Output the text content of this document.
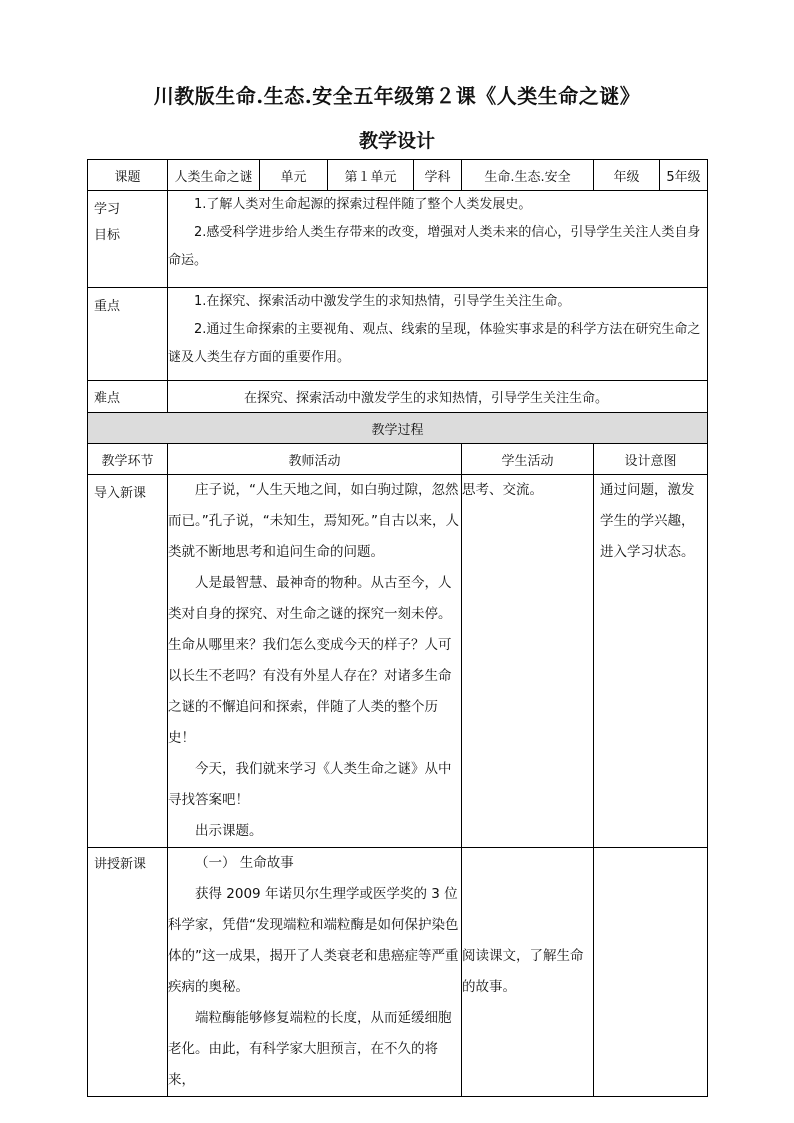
川教版生命.生态.安全五年级第２课《人类生命之谜》
教学设计
课题	人类生命之谜	单元	第１单元	学科	生命.生态.安全	年级	5年级

学习目标	1.了解人类对生命起源的探索过程伴随了整个人类发展史。

2.感受科学进步给人类生存带来的改变，增强对人类未来的信心，引导学生关注人类自身命运。						

重点	1.在探究、探索活动中激发学生的求知热情，引导学生关注生命。

2.通过生命探索的主要视角、观点、线索的呈现，体验实事求是的科学方法在研究生命之谜及人类生存方面的重要作用。						

难点	在探究、探索活动中激发学生的求知热情，引导学生关注生命。						
教学过程							
教学环节	教师活动				学生活动	设计意图	

导入新课	庄子说，“人生天地之间，如白驹过隙，忽然而已。”孔子说，“未知生，焉知死。”自古以来，人类就不断地思考和追问生命的问题。

人是最智慧、最神奇的物种。从古至今，人类对自身的探究、对生命之谜的探究一刻未停。生命从哪里来？我们怎么变成今天的样子？人可以长生不老吗？有没有外星人存在？对诸多生命之谜的不懈追问和探索，伴随了人类的整个历史！

今天，我们就来学习《人类生命之谜》从中寻找答案吧！

出示课题。				思考、交流。	通过问题，激发学生的学兴趣，进入学习状态。	

讲授新课	（一） 生命故事

获得 2009 年诺贝尔生理学或医学奖的 3 位科学家，凭借“发现端粒和端粒酶是如何保护染色体的”这一成果，揭开了人类衰老和患癌症等严重疾病的奥秘。

端粒酶能够修复端粒的长度，从而延缓细胞老化。由此，有科学家大胆预言，在不久的将来，				阅读课文，了解生命的故事。		
